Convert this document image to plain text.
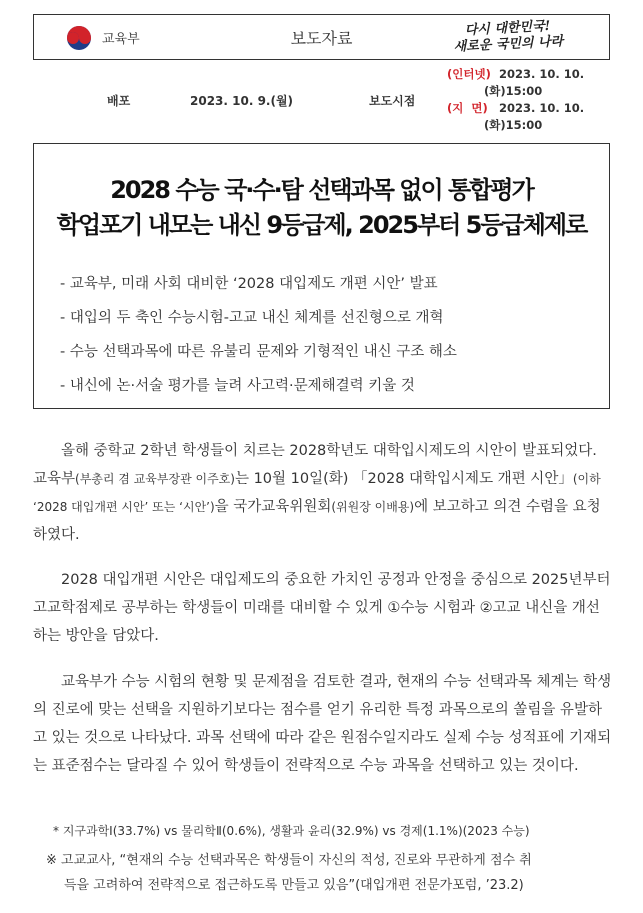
교육부	보도자료
다시 대한민국!
새로운 국민의 나라
배포	2023. 10. 9.(월)	보도시점
(인터넷) 2023. 10. 10.
(화)15:00
(지  면) 2023. 10. 10.
(화)15:00
2028 수능 국·수·탐 선택과목 없이 통합평가
학업포기 내모는 내신 9등급제, 2025부터 5등급체제로
- 교육부, 미래 사회 대비한 ‘2028 대입제도 개편 시안’ 발표
- 대입의 두 축인 수능시험-고교 내신 체계를 선진형으로 개혁
- 수능 선택과목에 따른 유불리 문제와 기형적인 내신 구조 해소
- 내신에 논·서술 평가를 늘려 사고력·문제해결력 키울 것
올해 중학교 2학년 학생들이 치르는 2028학년도 대학입시제도의 시안이 발표되었다. 교육부(부총리 겸 교육부장관 이주호)는 10월 10일(화) 「2028 대학입시제도 개편 시안」(이하 ‘2028 대입개편 시안’ 또는 ‘시안’)을 국가교육위원회(위원장 이배용)에 보고하고 의견 수렴을 요청하였다.
2028 대입개편 시안은 대입제도의 중요한 가치인 공정과 안정을 중심으로 2025년부터 고교학점제로 공부하는 학생들이 미래를 대비할 수 있게 ①수능 시험과 ②고교 내신을 개선하는 방안을 담았다.
교육부가 수능 시험의 현황 및 문제점을 검토한 결과, 현재의 수능 선택과목 체계는 학생의 진로에 맞는 선택을 지원하기보다는 점수를 얻기 유리한 특정 과목으로의 쏠림을 유발하고 있는 것으로 나타났다. 과목 선택에 따라 같은 원점수일지라도 실제 수능 성적표에 기재되는 표준점수는 달라질 수 있어 학생들이 전략적으로 수능 과목을 선택하고 있는 것이다.
* 지구과학Ⅰ(33.7%) vs 물리학Ⅱ(0.6%), 생활과 윤리(32.9%) vs 경제(1.1%)(2023 수능)
※ 고교교사, “현재의 수능 선택과목은 학생들이 자신의 적성, 진로와 무관하게 점수 취
득을 고려하여 전략적으로 접근하도록 만들고 있음”(대입개편 전문가포럼, ’23.2)
